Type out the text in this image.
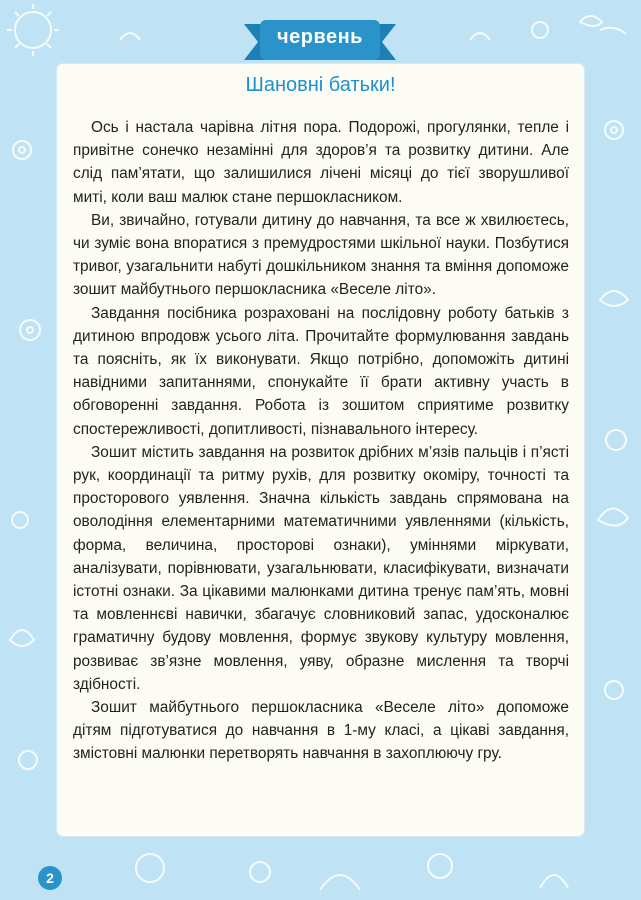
червень
Шановні батьки!

Ось і настала чарівна літня пора. Подорожі, прогулянки, тепле і привітне сонечко незамінні для здоров’я та розвитку дитини. Але слід пам’ятати, що залишилися лічені місяці до тієї зворушливої миті, коли ваш малюк стане першокласником.

Ви, звичайно, готували дитину до навчання, та все ж хвилюєтесь, чи зуміє вона впоратися з премудростями шкільної науки. Позбутися тривог, узагальнити набуті дошкільником знання та вміння допоможе зошит майбутнього першокласника «Веселе літо».

Завдання посібника розраховані на послідовну роботу батьків з дитиною впродовж усього літа. Прочитайте формулювання завдань та поясніть, як їх виконувати. Якщо потрібно, допоможіть дитині навідними запитаннями, спонукайте її брати активну участь в обговоренні завдання. Робота із зошитом сприятиме розвитку спостережливості, допитливості, пізнавального інтересу.

Зошит містить завдання на розвиток дрібних м’язів пальців і п’ясті рук, координації та ритму рухів, для розвитку окоміру, точності та просторового уявлення. Значна кількість завдань спрямована на оволодіння елементарними математичними уявленнями (кількість, форма, величина, просторові ознаки), уміннями міркувати, аналізувати, порівнювати, узагальнювати, класифікувати, визначати істотні ознаки. За цікавими малюнками дитина тренує пам’ять, мовні та мовленнєві навички, збагачує словниковий запас, удосконалює граматичну будову мовлення, формує звукову культуру мовлення, розвиває зв’язне мовлення, уяву, образне мислення та творчі здібності.

Зошит майбутнього першокласника «Веселе літо» допоможе дітям підготуватися до навчання в 1-му класі, а цікаві завдання, змістовні малюнки перетворять навчання в захоплюючу гру.

2
